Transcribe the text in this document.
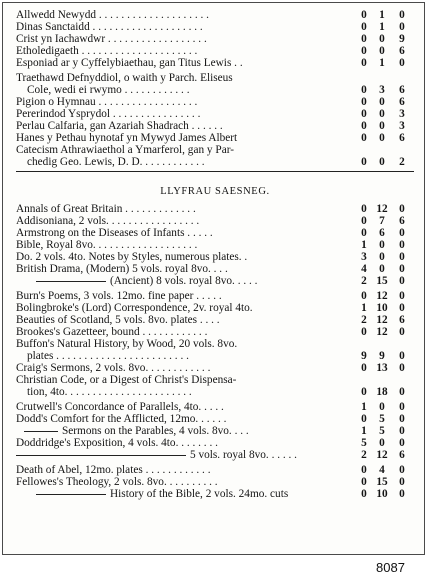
Allwedd Newydd . . . . . . . . . . . . . . . . . . . .	0 1 0
Dinas Sanctaidd . . . . . . . . . . . . . . . . . . . .	0 1 0
Crist yn Iachawdwr . . . . . . . . . . . . . . . . . .	0 0 9
Etholedigaeth . . . . . . . . . . . . . . . . . . . . .	0 0 6
Esponiad ar y Cyffelybiaethau, gan Titus Lewis . .	0 1 0
Traethawd Defnyddiol, o waith y Parch. Eliseus
Cole, wedi ei rwymo . . . . . . . . . . . .	0 3 6
Pigion o Hymnau . . . . . . . . . . . . . . . . . .	0 0 6
Pererindod Ysprydol . . . . . . . . . . . . . . . .	0 0 3
Perlau Calfaria, gan Azariah Shadrach . . . . . .	0 0 3
Hanes y Pethau hynotaf yn Mywyd James Albert	0 0 6
Catecism Athrawiaethol a Ymarferol, gan y Par-
chedig Geo. Lewis, D. D. . . . . . . . . . . .	0 0 2
LLYFRAU SAESNEG.
Annals of Great Britain . . . . . . . . . . . . .	0 12 0
Addisoniana, 2 vols. . . . . . . . . . . . . . . . .	0 7 6
Armstrong on the Diseases of Infants . . . . .	0 6 0
Bible, Royal 8vo. . . . . . . . . . . . . . . . . . .	1 0 0
Do. 2 vols. 4to. Notes by Styles, numerous plates. .	3 0 0
British Drama, (Modern) 5 vols. royal 8vo. . . .	4 0 0
(Ancient) 8 vols. royal 8vo. . . . .	2 15 0
Burn's Poems, 3 vols. 12mo. fine paper . . . . .	0 12 0
Bolingbroke's (Lord) Correspondence, 2v. royal 4to.	1 10 0
Beauties of Scotland, 5 vols. 8vo. plates . . . .	2 12 6
Brookes's Gazetteer, bound . . . . . . . . . . . .	0 12 0
Buffon's Natural History, by Wood, 20 vols. 8vo.
plates . . . . . . . . . . . . . . . . . . . . . . . .	9 9 0
Craig's Sermons, 2 vols. 8vo. . . . . . . . . . . .	0 13 0
Christian Code, or a Digest of Christ's Dispensa-
tion, 4to. . . . . . . . . . . . . . . . . . . . . . .	0 18 0
Crutwell's Concordance of Parallels, 4to. . . . .	1 0 0
Dodd's Comfort for the Afflicted, 12mo. . . . . .	0 5 0
Sermons on the Parables, 4 vols. 8vo. . . .	1 5 0
Doddridge's Exposition, 4 vols. 4to. . . . . . . .	5 0 0
5 vols. royal 8vo. . . . . .	2 12 6
Death of Abel, 12mo. plates . . . . . . . . . . . .	0 4 0
Fellowes's Theology, 2 vols. 8vo. . . . . . . . . .	0 15 0
History of the Bible, 2 vols. 24mo. cuts	0 10 0
8087
